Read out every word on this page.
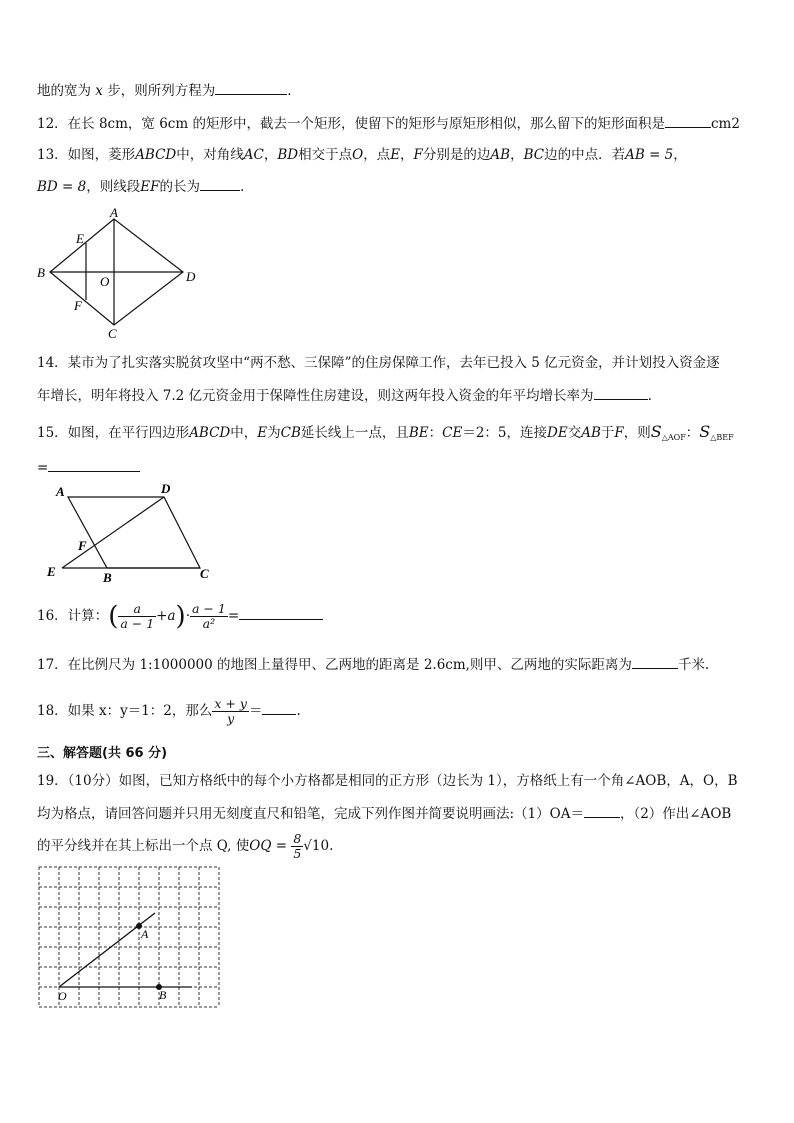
地的宽为 x 步，则所列方程为	.
12．在长 8cm，宽 6cm 的矩形中，截去一个矩形，使留下的矩形与原矩形相似，那么留下的矩形面积是	cm2
13．如图，菱形ABCD中，对角线AC，BD相交于点O，点E，F分别是的边AB，BC边的中点．若AB = 5，
BD = 8，则线段EF的长为	.
A
B
C
D
E
F
O
14．某市为了扎实落实脱贫攻坚中“两不愁、三保障”的住房保障工作，去年已投入 5 亿元资金，并计划投入资金逐
年增长，明年将投入 7.2 亿元资金用于保障性住房建设，则这两年投入资金的年平均增长率为	.
15．如图，在平行四边形ABCD中，E为CB延长线上一点，且BE：CE＝2：5，连接DE交AB于F，则$S_{\triangle AOF}$：$S_{\triangle BEF}$
=
A	D
F
E	B	C
16．计算：( $\frac{a}{a - 1} +a)\cdot \frac{a - 1}{\text{a²}}$ =
17．在比例尺为 1:1000000 的地图上量得甲、乙两地的距离是 2.6cm,则甲、乙两地的实际距离为	千米.
18．如果 x：y＝1：2，那么 $\frac{x + y}{y}$ ＝	.
三、解答题(共 66 分)
19．（10分）如图，已知方格纸中的每个小方格都是相同的正方形（边长为 1），方格纸上有一个角∠AOB，A，O，B
均为格点，请回答问题并只用无刻度直尺和铅笔，完成下列作图并简要说明画法:（1）OA＝	，（2）作出∠AOB
的平分线并在其上标出一个点 Q, 使OQ = $\frac{8}{5} √10$.
A
O	B
